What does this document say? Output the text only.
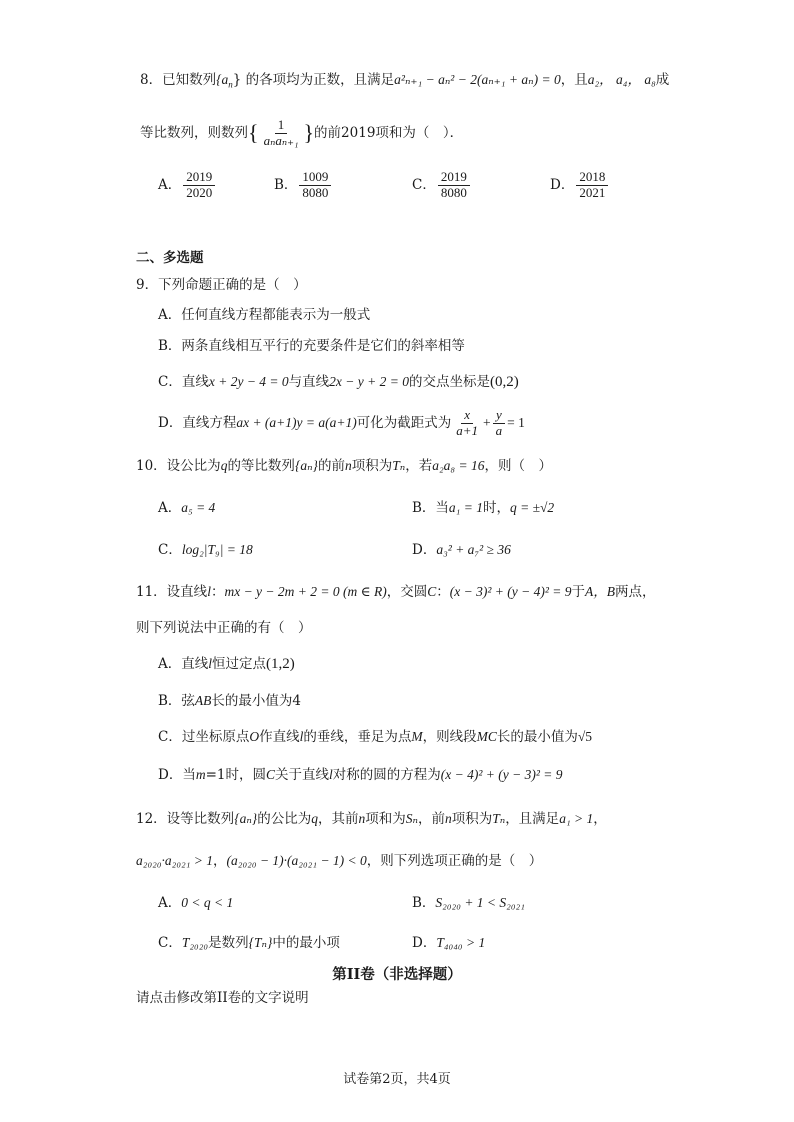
8．已知数列$\{a_n\}$ 的各项均为正数，且满足a²ₙ₊₁ − aₙ² − 2(aₙ₊₁ + aₙ) = 0，且a₂， a₄， a₈成
等比数列，则数列{ $\frac{1}{\text{aₙaₙ₊₁}}$ }的前2019项和为（　）．
A． $\frac{2019}{2020}$	B． $\frac{1009}{8080}$	C． $\frac{2019}{8080}$	D． $\frac{2018}{2021}$
二、多选题
9．下列命题正确的是（　）
A．任何直线方程都能表示为一般式
B．两条直线相互平行的充要条件是它们的斜率相等
C．直线x + 2y − 4 = 0与直线2x − y + 2 = 0的交点坐标是(0,2)
D．直线方程ax + (a+1)y = a(a+1)可化为截距式为 $\frac{x}{a+1} + \frac{y}{a} = 1$
10．设公比为q的等比数列{aₙ}的前n项积为Tₙ，若a₂a₈ = 16，则（　）
A．a₅ = 4	B．当a₁ = 1时，q = ±√2
C．log₂|T₉| = 18	D．a₃² + a₇² ≥ 36
11．设直线l：mx − y − 2m + 2 = 0 (m ∈ R)，交圆C：(x − 3)² + (y − 4)² = 9于A，B两点，
则下列说法中正确的有（　）
A．直线l恒过定点(1,2)
B．弦AB长的最小值为4
C．过坐标原点O作直线l的垂线，垂足为点M，则线段MC长的最小值为√5
D．当m=1时，圆C关于直线l对称的圆的方程为(x − 4)² + (y − 3)² = 9
12．设等比数列{aₙ}的公比为q，其前n项和为Sₙ，前n项积为Tₙ，且满足a₁ > 1，
a₂₀₂₀·a₂₀₂₁ > 1，(a₂₀₂₀ − 1)·(a₂₀₂₁ − 1) < 0，则下列选项正确的是（　）
A．0 < q < 1	B．S₂₀₂₀ + 1 < S₂₀₂₁
C．T₂₀₂₀是数列{Tₙ}中的最小项	D．T₄₀₄₀ > 1
第II卷（非选择题）
请点击修改第II卷的文字说明
试卷第2页，共4页
